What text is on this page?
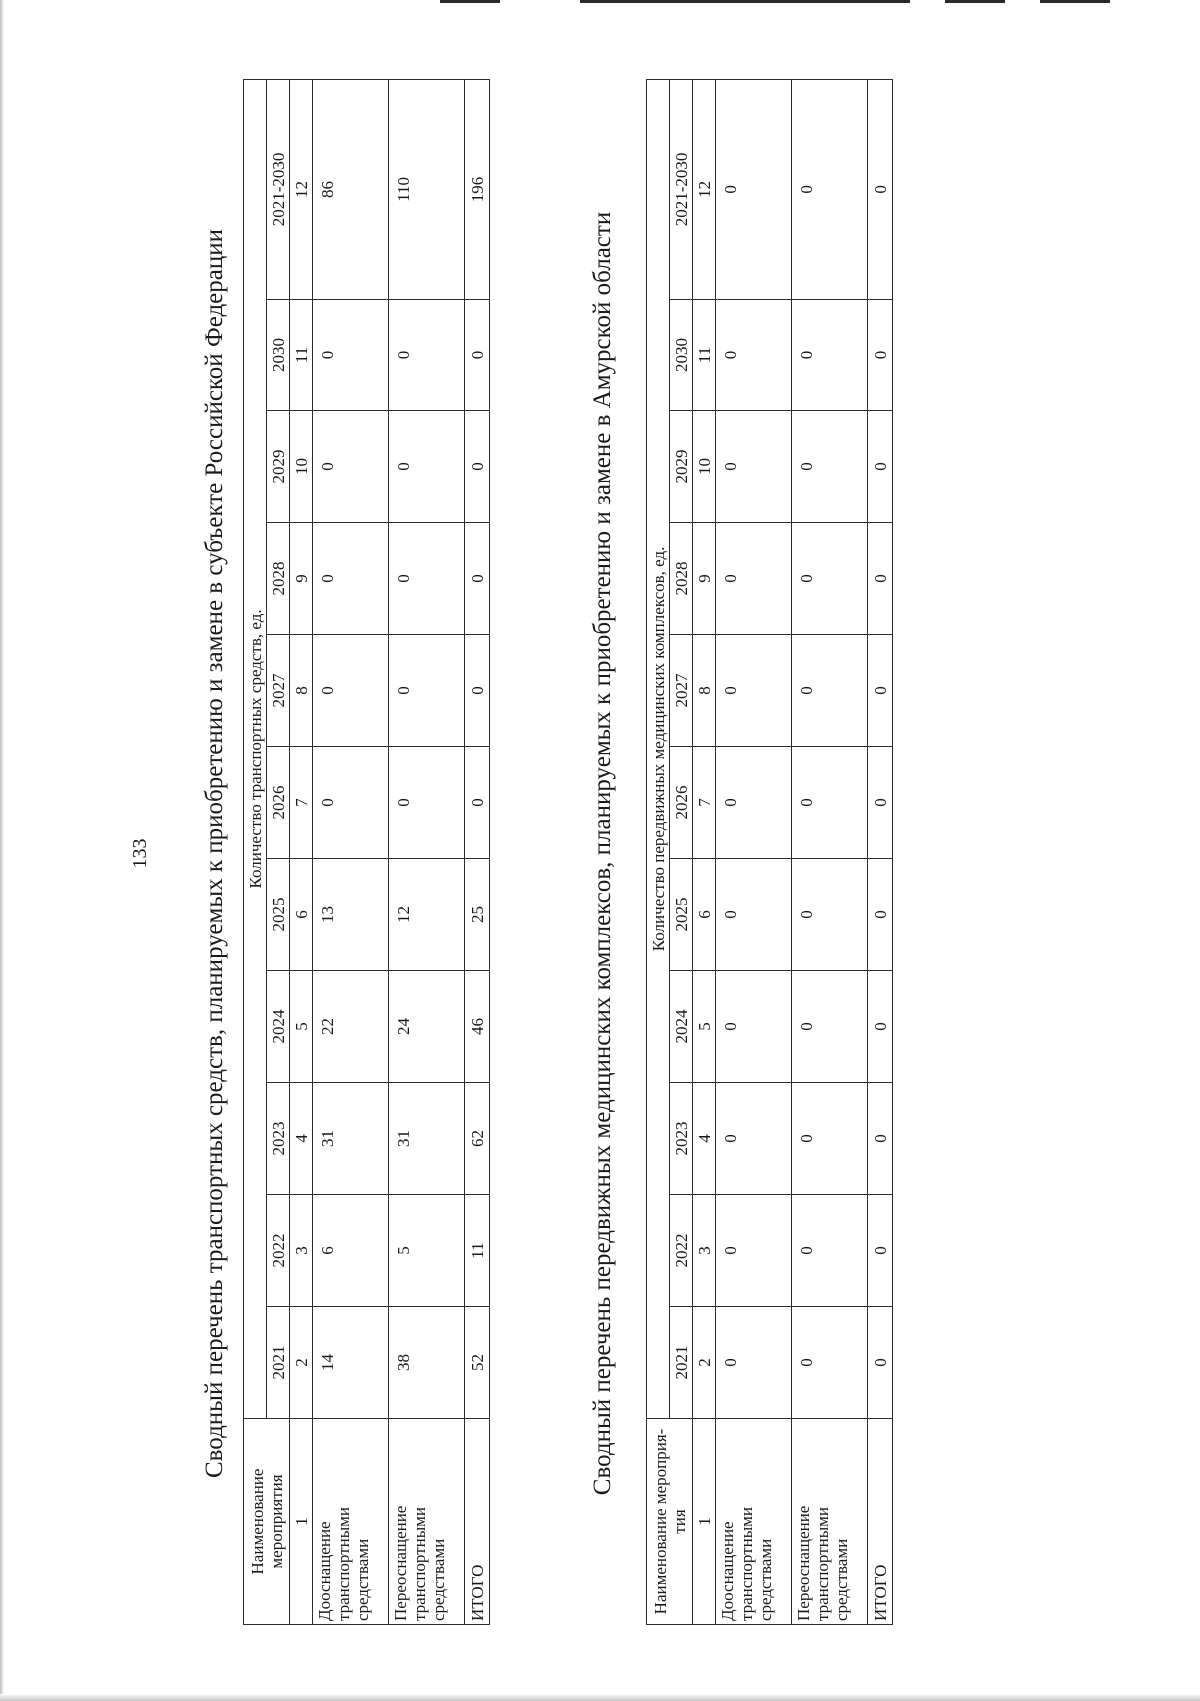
133 Сводный перечень транспортных средств, планируемых к приобретению и замене в субъекте Российской Федерации
Наименование мероприятия	Количество транспортных средств, ед.										
	2021	2022	2023	2024	2025	2026	2027	2028	2029	2030	2021-2030
1	2	3	4	5	6	7	8	9	10	11	12
Дооснащение транспортными средствами	14	6	31	22	13	0	0	0	0	0	86
Переоснащение транспортными средствами	38	5	31	24	12	0	0	0	0	0	110
ИТОГО	52	11	62	46	25	0	0	0	0	0	196
Сводный перечень передвижных медицинских комплексов, планируемых к приобретению и замене в Амурской области
Наименование мероприя-тия	Количество передвижных медицинских комплексов, ед.										
	2021	2022	2023	2024	2025	2026	2027	2028	2029	2030	2021-2030
1	2	3	4	5	6	7	8	9	10	11	12
Дооснащение транспортными средствами	0	0	0	0	0	0	0	0	0	0	0
Переоснащение транспортными средствами	0	0	0	0	0	0	0	0	0	0	0
ИТОГО	0	0	0	0	0	0	0	0	0	0	0
